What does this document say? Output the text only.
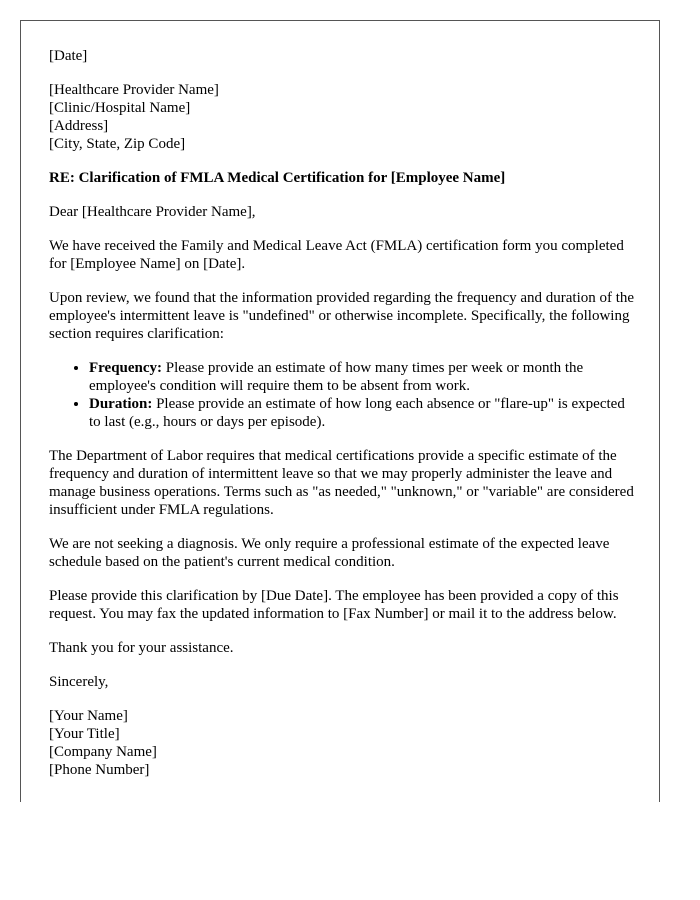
[Date]

[Healthcare Provider Name]
[Clinic/Hospital Name]
[Address]
[City, State, Zip Code]

RE: Clarification of FMLA Medical Certification for [Employee Name]

Dear [Healthcare Provider Name],

We have received the Family and Medical Leave Act (FMLA) certification form you completed for [Employee Name] on [Date].

Upon review, we found that the information provided regarding the frequency and duration of the employee's intermittent leave is "undefined" or otherwise incomplete. Specifically, the following section requires clarification:

• Frequency: Please provide an estimate of how many times per week or month the employee's condition will require them to be absent from work.
• Duration: Please provide an estimate of how long each absence or "flare-up" is expected to last (e.g., hours or days per episode).

The Department of Labor requires that medical certifications provide a specific estimate of the frequency and duration of intermittent leave so that we may properly administer the leave and manage business operations. Terms such as "as needed," "unknown," or "variable" are considered insufficient under FMLA regulations.

We are not seeking a diagnosis. We only require a professional estimate of the expected leave schedule based on the patient's current medical condition.

Please provide this clarification by [Due Date]. The employee has been provided a copy of this request. You may fax the updated information to [Fax Number] or mail it to the address below.

Thank you for your assistance.

Sincerely,

[Your Name]
[Your Title]
[Company Name]
[Phone Number]
